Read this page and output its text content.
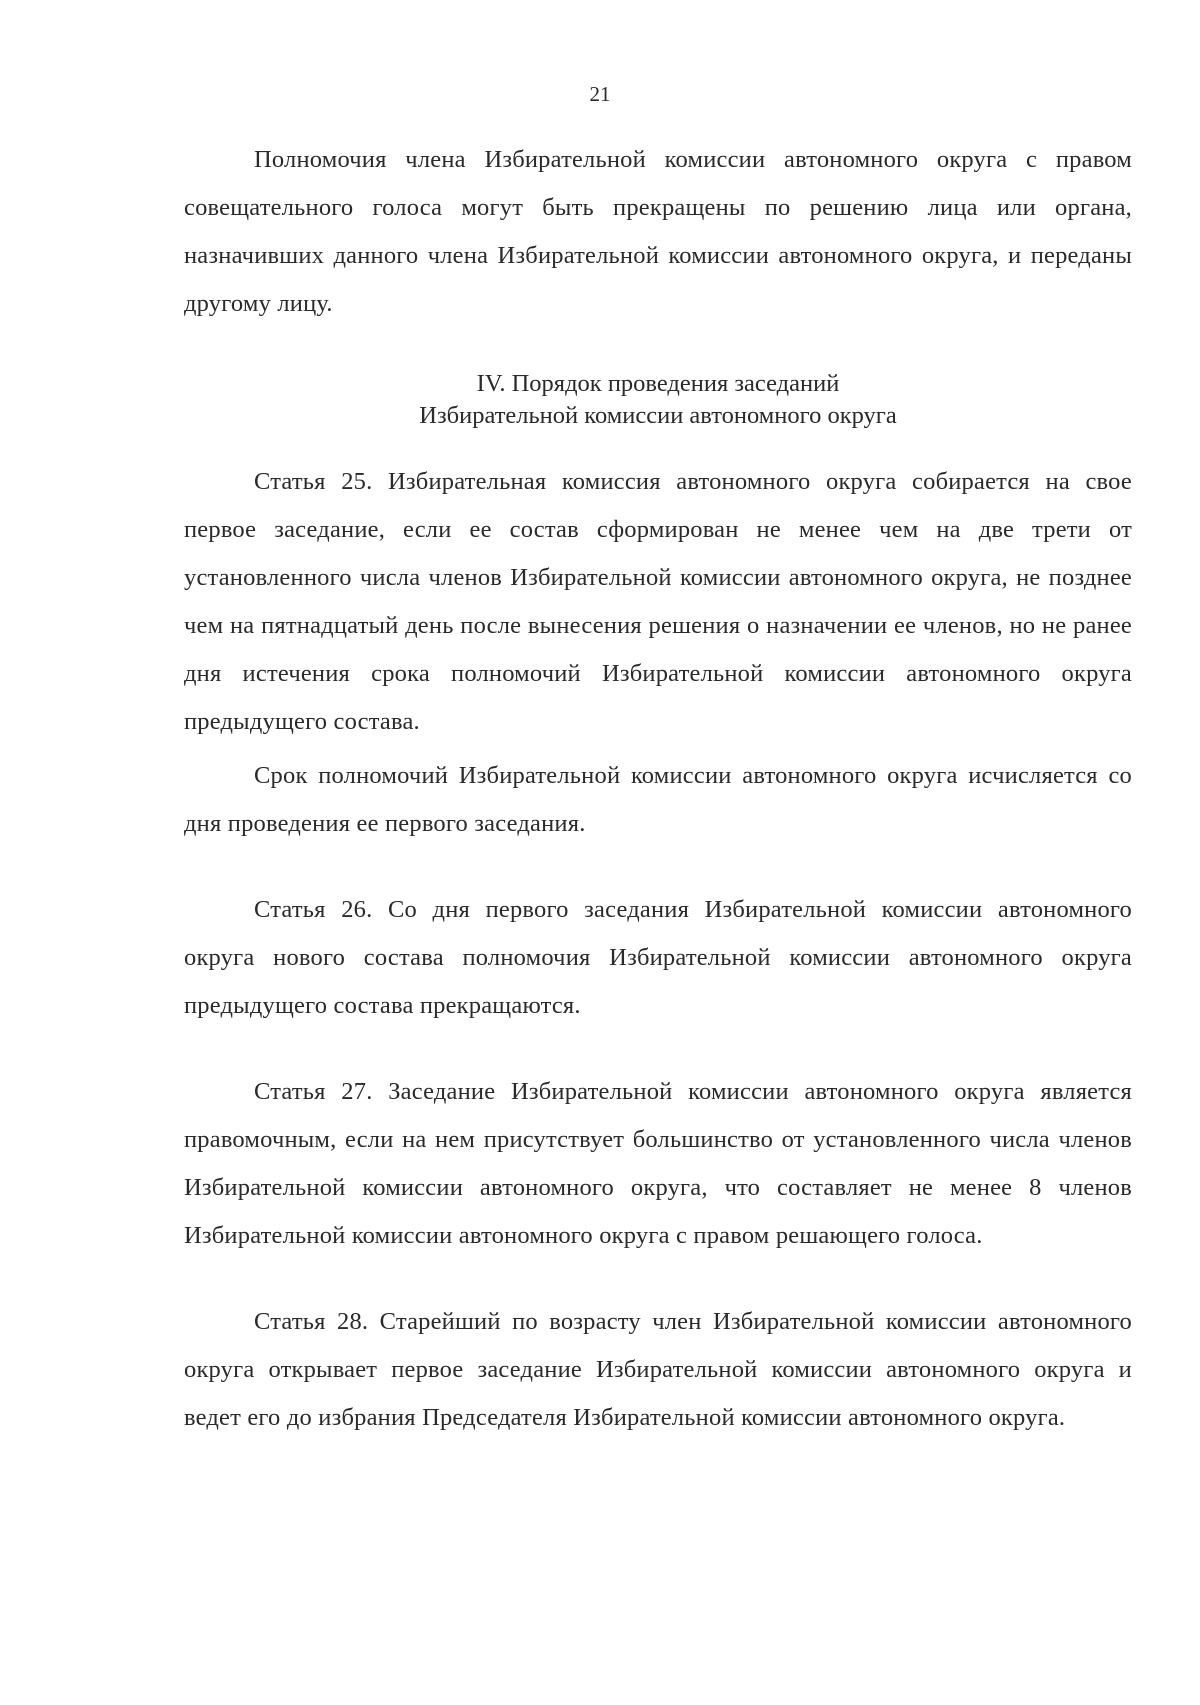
21

Полномочия члена Избирательной комиссии автономного округа с правом совещательного голоса могут быть прекращены по решению лица или органа, назначивших данного члена Избирательной комиссии автономного округа, и переданы другому лицу.

IV. Порядок проведения заседаний
Избирательной комиссии автономного округа

Статья 25. Избирательная комиссия автономного округа собирается на свое первое заседание, если ее состав сформирован не менее чем на две трети от установленного числа членов Избирательной комиссии автономного округа, не позднее чем на пятнадцатый день после вынесения решения о назначении ее членов, но не ранее дня истечения срока полномочий Избирательной комиссии автономного округа предыдущего состава.

Срок полномочий Избирательной комиссии автономного округа исчисляется со дня проведения ее первого заседания.

Статья 26. Со дня первого заседания Избирательной комиссии автономного округа нового состава полномочия Избирательной комиссии автономного округа предыдущего состава прекращаются.

Статья 27. Заседание Избирательной комиссии автономного округа является правомочным, если на нем присутствует большинство от установленного числа членов Избирательной комиссии автономного округа, что составляет не менее 8 членов Избирательной комиссии автономного округа с правом решающего голоса.

Статья 28. Старейший по возрасту член Избирательной комиссии автономного округа открывает первое заседание Избирательной комиссии автономного округа и ведет его до избрания Председателя Избирательной комиссии автономного округа.
